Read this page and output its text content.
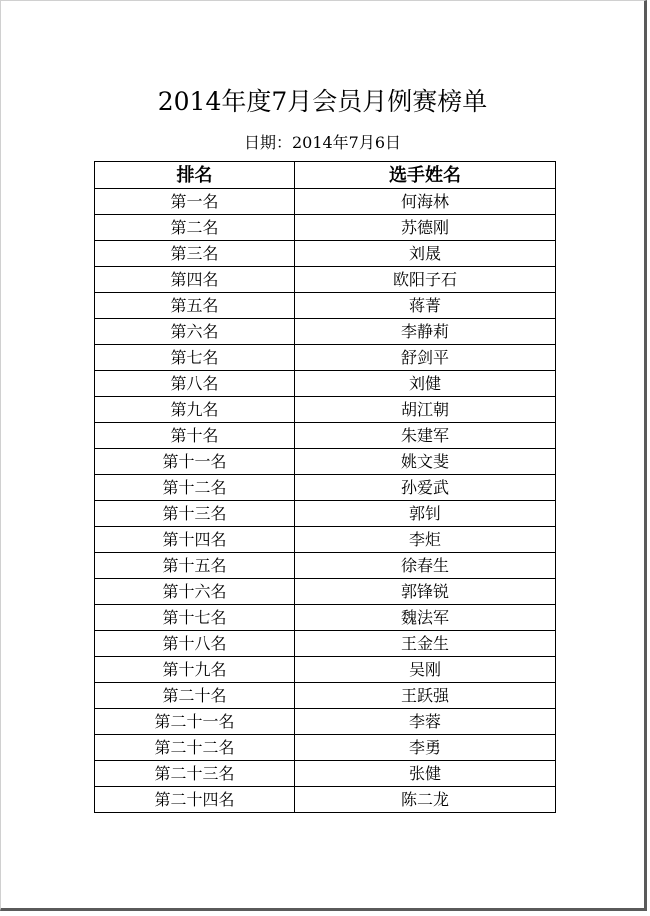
2014年度7月会员月例赛榜单
日期：2014年7月6日
排名	选手姓名
第一名	何海林
第二名	苏德刚
第三名	刘晟
第四名	欧阳子石
第五名	蒋菁
第六名	李静莉
第七名	舒剑平
第八名	刘健
第九名	胡江朝
第十名	朱建军
第十一名	姚文斐
第十二名	孙爱武
第十三名	郭钊
第十四名	李炬
第十五名	徐春生
第十六名	郭锋锐
第十七名	魏法军
第十八名	王金生
第十九名	吴刚
第二十名	王跃强
第二十一名	李蓉
第二十二名	李勇
第二十三名	张健
第二十四名	陈二龙
